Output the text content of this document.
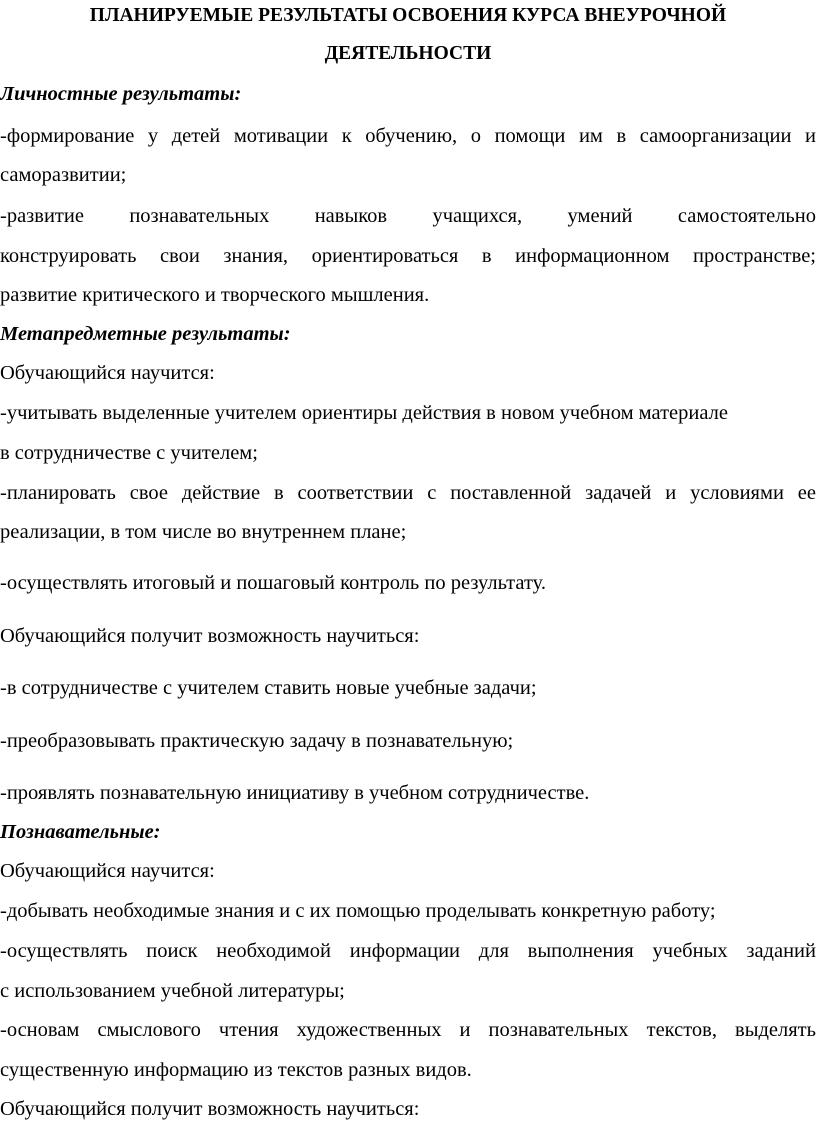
ПЛАНИРУЕМЫЕ РЕЗУЛЬТАТЫ ОСВОЕНИЯ КУРСА ВНЕУРОЧНОЙ
ДЕЯТЕЛЬНОСТИ
Личностные результаты:
-формирование у детей мотивации к обучению, о помощи им в самоорганизации и
саморазвитии;
-развитие познавательных навыков учащихся, умений самостоятельно
конструировать свои знания, ориентироваться в информационном пространстве;
развитие критического и творческого мышления.
Метапредметные результаты:
Обучающийся научится:
-учитывать выделенные учителем ориентиры действия в новом учебном материале
в сотрудничестве с учителем;
-планировать свое действие в соответствии с поставленной задачей и условиями ее
реализации, в том числе во внутреннем плане;
-осуществлять итоговый и пошаговый контроль по результату.
Обучающийся получит возможность научиться:
-в сотрудничестве с учителем ставить новые учебные задачи;
-преобразовывать практическую задачу в познавательную;
-проявлять познавательную инициативу в учебном сотрудничестве.
Познавательные:
Обучающийся научится:
-добывать необходимые знания и с их помощью проделывать конкретную работу;
-осуществлять поиск необходимой информации для выполнения учебных заданий
с использованием учебной литературы;
-основам смыслового чтения художественных и познавательных текстов, выделять
существенную информацию из текстов разных видов.
Обучающийся получит возможность научиться:
